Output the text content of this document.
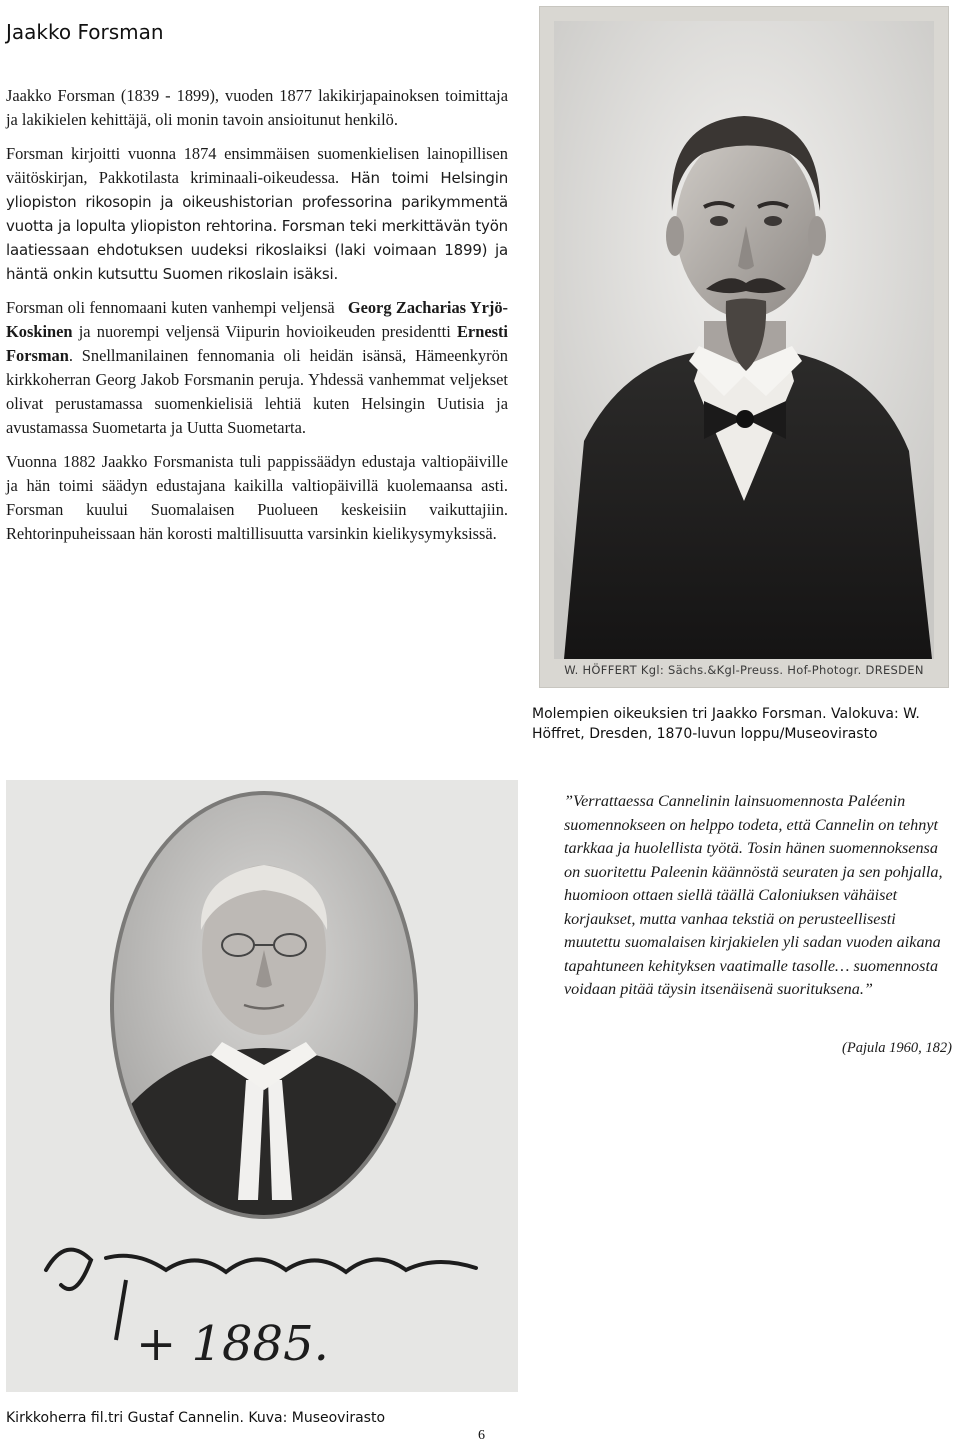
Jaakko Forsman

Jaakko Forsman (1839 - 1899), vuoden 1877 lakikirjapainoksen toimittaja ja lakikielen kehittäjä, oli monin tavoin ansioitunut henkilö.

Forsman kirjoitti vuonna 1874 ensimmäisen suomenkielisen lainopillisen väitöskirjan, Pakkotilasta kriminaali-oikeudessa. Hän toimi Helsingin yliopiston rikosopin ja oikeushistorian professorina parikymmentä vuotta ja lopulta yliopiston rehtorina. Forsman teki merkittävän työn laatiessaan ehdotuksen uudeksi rikoslaiksi (laki voimaan 1899) ja häntä onkin kutsuttu Suomen rikoslain isäksi.

Forsman oli fennomaani kuten vanhempi veljensä Georg Zacharias Yrjö-Koskinen ja nuorempi veljensä Viipurin hovioikeuden presidentti Ernesti Forsman. Snellmanilainen fennomania oli heidän isänsä, Hämeenkyrön kirkkoherran Georg Jakob Forsmanin peruja. Yhdessä vanhemmat veljekset olivat perustamassa suomenkielisiä lehtiä kuten Helsingin Uutisia ja avustamassa Suometarta ja Uutta Suometarta.

Vuonna 1882 Jaakko Forsmanista tuli pappissäädyn edustaja valtiopäiville ja hän toimi säädyn edustajana kaikilla valtiopäivillä kuolemaansa asti. Forsman kuului Suomalaisen Puolueen keskeisiin vaikuttajiin. Rehtorinpuheissaan hän korosti maltillisuutta varsinkin kielikysymyksissä.

W. HÖFFERT Kgl: Sächs.&Kgl-Preuss. Hof-Photogr. DRESDEN
Molempien oikeuksien tri Jaakko Forsman. Valokuva: W. Höffret, Dresden, 1870-luvun loppu/Museovirasto
+ 1885.
”Verrattaessa Cannelinin lainsuomennosta Paléenin suomennokseen on helppo todeta, että Cannelin on tehnyt tarkkaa ja huolellista työtä. Tosin hänen suomennoksensa on suoritettu Paleenin käännöstä seuraten ja sen pohjalla, huomioon ottaen siellä täällä Caloniuksen vähäiset korjaukset, mutta vanhaa tekstiä on perusteellisesti muutettu suomalaisen kirjakielen yli sadan vuoden aikana tapahtuneen kehityksen vaatimalle tasolle… suomennosta voidaan pitää täysin itsenäisenä suorituksena.”
(Pajula 1960, 182)
Kirkkoherra fil.tri Gustaf Cannelin. Kuva: Museovirasto
6
